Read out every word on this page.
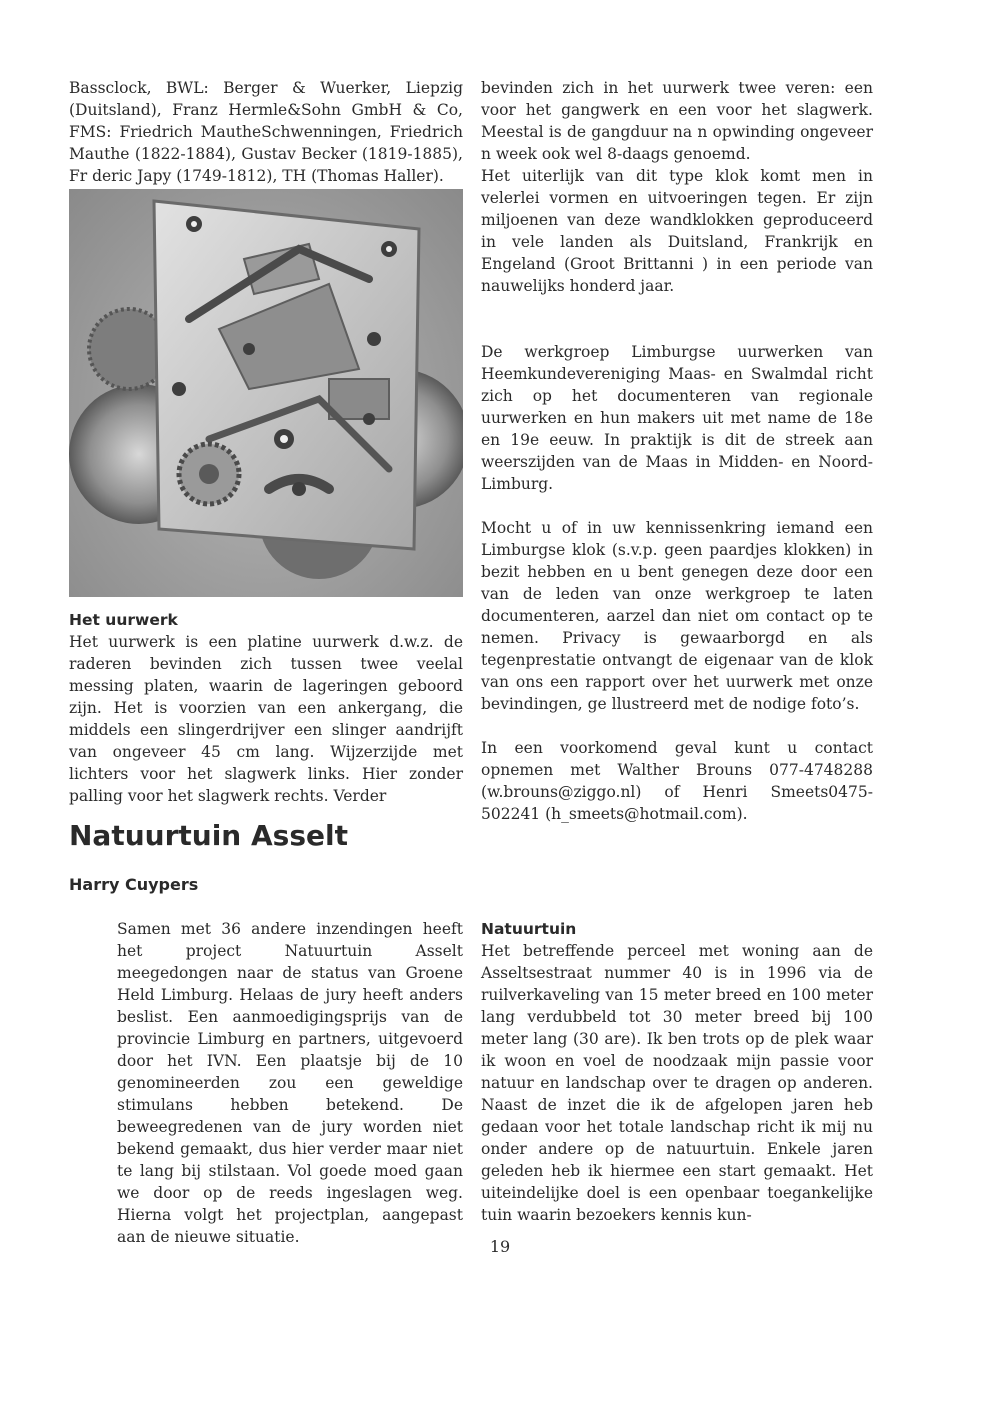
Bassclock, BWL: Berger & Wuerker, Liepzig (Duitsland), Franz Hermle&Sohn GmbH & Co, FMS: Friedrich MautheSchwenningen, Friedrich Mauthe (1822-1884), Gustav Becker (1819-1885), Fr deric Japy (1749-1812), TH (Thomas Haller).

Het uurwerk

Het uurwerk is een platine uurwerk d.w.z. de raderen bevinden zich tussen twee veelal messing platen, waarin de lageringen geboord zijn. Het is voorzien van een ankergang, die middels een slingerdrijver een slinger aandrijft van ongeveer 45 cm lang. Wijzerzijde met lichters voor het slagwerk links. Hier zonder palling voor het slagwerk rechts. Verder

bevinden zich in het uurwerk twee veren: een voor het gangwerk en een voor het slagwerk. Meestal is de gangduur na n opwinding ongeveer n week ook wel 8-daags genoemd.

Het uiterlijk van dit type klok komt men in velerlei vormen en uitvoeringen tegen. Er zijn miljoenen van deze wandklokken geproduceerd in vele landen als Duitsland, Frankrijk en Engeland (Groot Brittanni ) in een periode van nauwelijks honderd jaar.

De werkgroep Limburgse uurwerken van Heemkundevereniging Maas- en Swalmdal richt zich op het documenteren van regionale uurwerken en hun makers uit met name de 18e en 19e eeuw. In praktijk is dit de streek aan weerszijden van de Maas in Midden- en Noord-Limburg.

Mocht u of in uw kennissenkring iemand een Limburgse klok (s.v.p. geen paardjes klokken) in bezit hebben en u bent genegen deze door een van de leden van onze werkgroep te laten documenteren, aarzel dan niet om contact op te nemen. Privacy is gewaarborgd en als tegenprestatie ontvangt de eigenaar van de klok van ons een rapport over het uurwerk met onze bevindingen, ge llustreerd met de nodige foto’s.

In een voorkomend geval kunt u contact opnemen met Walther Brouns 077-4748288 (w.brouns@ziggo.nl) of Henri Smeets0475-502241 (h_smeets@hotmail.com).

Natuurtuin Asselt
Harry Cuypers

Samen met 36 andere inzendingen heeft het project Natuurtuin Asselt meegedongen naar de status van Groene Held Limburg. Helaas de jury heeft anders beslist. Een aanmoedigingsprijs van de provincie Limburg en partners, uitgevoerd door het IVN. Een plaatsje bij de 10 genomineerden zou een geweldige stimulans hebben betekend. De beweegredenen van de jury worden niet bekend gemaakt, dus hier verder maar niet te lang bij stilstaan. Vol goede moed gaan we door op de reeds ingeslagen weg. Hierna volgt het projectplan, aangepast aan de nieuwe situatie.

Natuurtuin

Het betreffende perceel met woning aan de Asseltsestraat nummer 40 is in 1996 via de ruilverkaveling van 15 meter breed en 100 meter lang verdubbeld tot 30 meter breed bij 100 meter lang (30 are). Ik ben trots op de plek waar ik woon en voel de noodzaak mijn passie voor natuur en landschap over te dragen op anderen. Naast de inzet die ik de afgelopen jaren heb gedaan voor het totale landschap richt ik mij nu onder andere op de natuurtuin. Enkele jaren geleden heb ik hiermee een start gemaakt. Het uiteindelijke doel is een openbaar toegankelijke tuin waarin bezoekers kennis kun-

19
